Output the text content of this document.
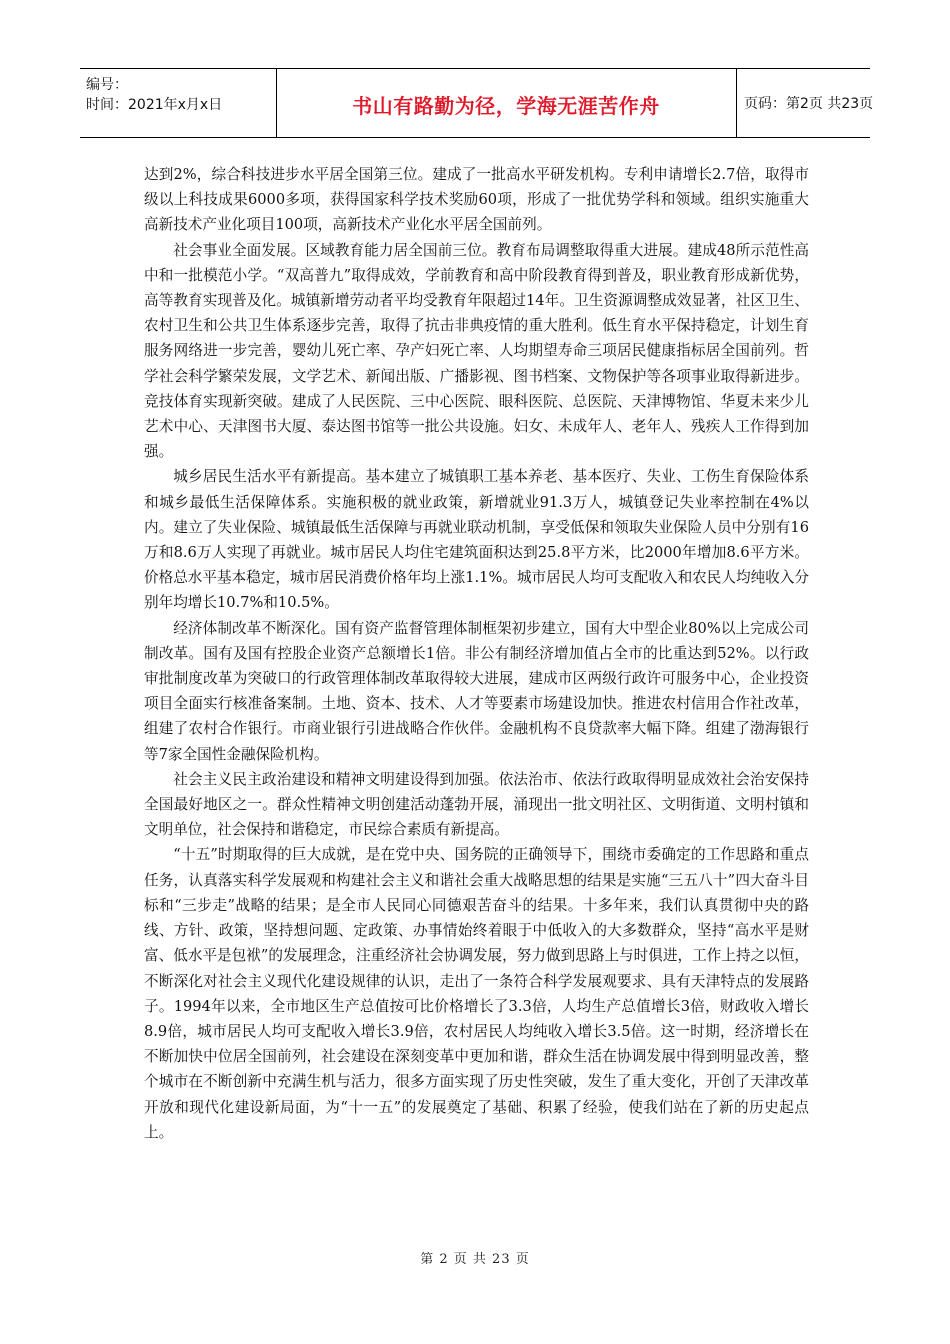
编号：
时间：2021年x月x日	书山有路勤为径，学海无涯苦作舟	页码：第2页 共23页

达到2%，综合科技进步水平居全国第三位。建成了一批高水平研发机构。专利申请增长2.7倍，取得市级以上科技成果6000多项，获得国家科学技术奖励60项，形成了一批优势学科和领域。组织实施重大高新技术产业化项目100项，高新技术产业化水平居全国前列。

社会事业全面发展。区域教育能力居全国前三位。教育布局调整取得重大进展。建成48所示范性高中和一批模范小学。“双高普九”取得成效，学前教育和高中阶段教育得到普及，职业教育形成新优势，高等教育实现普及化。城镇新增劳动者平均受教育年限超过14年。卫生资源调整成效显著，社区卫生、农村卫生和公共卫生体系逐步完善，取得了抗击非典疫情的重大胜利。低生育水平保持稳定，计划生育服务网络进一步完善，婴幼儿死亡率、孕产妇死亡率、人均期望寿命三项居民健康指标居全国前列。哲学社会科学繁荣发展，文学艺术、新闻出版、广播影视、图书档案、文物保护等各项事业取得新进步。竞技体育实现新突破。建成了人民医院、三中心医院、眼科医院、总医院、天津博物馆、华夏未来少儿艺术中心、天津图书大厦、泰达图书馆等一批公共设施。妇女、未成年人、老年人、残疾人工作得到加强。

城乡居民生活水平有新提高。基本建立了城镇职工基本养老、基本医疗、失业、工伤生育保险体系和城乡最低生活保障体系。实施积极的就业政策，新增就业91.3万人，城镇登记失业率控制在4%以内。建立了失业保险、城镇最低生活保障与再就业联动机制，享受低保和领取失业保险人员中分别有16万和8.6万人实现了再就业。城市居民人均住宅建筑面积达到25.8平方米，比2000年增加8.6平方米。价格总水平基本稳定，城市居民消费价格年均上涨1.1%。城市居民人均可支配收入和农民人均纯收入分别年均增长10.7%和10.5%。

经济体制改革不断深化。国有资产监督管理体制框架初步建立，国有大中型企业80%以上完成公司制改革。国有及国有控股企业资产总额增长1倍。非公有制经济增加值占全市的比重达到52%。以行政审批制度改革为突破口的行政管理体制改革取得较大进展，建成市区两级行政许可服务中心，企业投资项目全面实行核准备案制。土地、资本、技术、人才等要素市场建设加快。推进农村信用合作社改革，组建了农村合作银行。市商业银行引进战略合作伙伴。金融机构不良贷款率大幅下降。组建了渤海银行等7家全国性金融保险机构。

社会主义民主政治建设和精神文明建设得到加强。依法治市、依法行政取得明显成效社会治安保持全国最好地区之一。群众性精神文明创建活动蓬勃开展，涌现出一批文明社区、文明街道、文明村镇和文明单位，社会保持和谐稳定，市民综合素质有新提高。

“十五”时期取得的巨大成就，是在党中央、国务院的正确领导下，围绕市委确定的工作思路和重点任务，认真落实科学发展观和构建社会主义和谐社会重大战略思想的结果是实施“三五八十”四大奋斗目标和“三步走”战略的结果；是全市人民同心同德艰苦奋斗的结果。十多年来，我们认真贯彻中央的路线、方针、政策，坚持想问题、定政策、办事情始终着眼于中低收入的大多数群众，坚持“高水平是财富、低水平是包袱”的发展理念，注重经济社会协调发展，努力做到思路上与时俱进，工作上持之以恒，不断深化对社会主义现代化建设规律的认识，走出了一条符合科学发展观要求、具有天津特点的发展路子。1994年以来，全市地区生产总值按可比价格增长了3.3倍，人均生产总值增长3倍，财政收入增长8.9倍，城市居民人均可支配收入增长3.9倍，农村居民人均纯收入增长3.5倍。这一时期，经济增长在不断加快中位居全国前列，社会建设在深刻变革中更加和谐，群众生活在协调发展中得到明显改善，整个城市在不断创新中充满生机与活力，很多方面实现了历史性突破，发生了重大变化，开创了天津改革开放和现代化建设新局面，为“十一五”的发展奠定了基础、积累了经验，使我们站在了新的历史起点上。

第 2 页 共 23 页
